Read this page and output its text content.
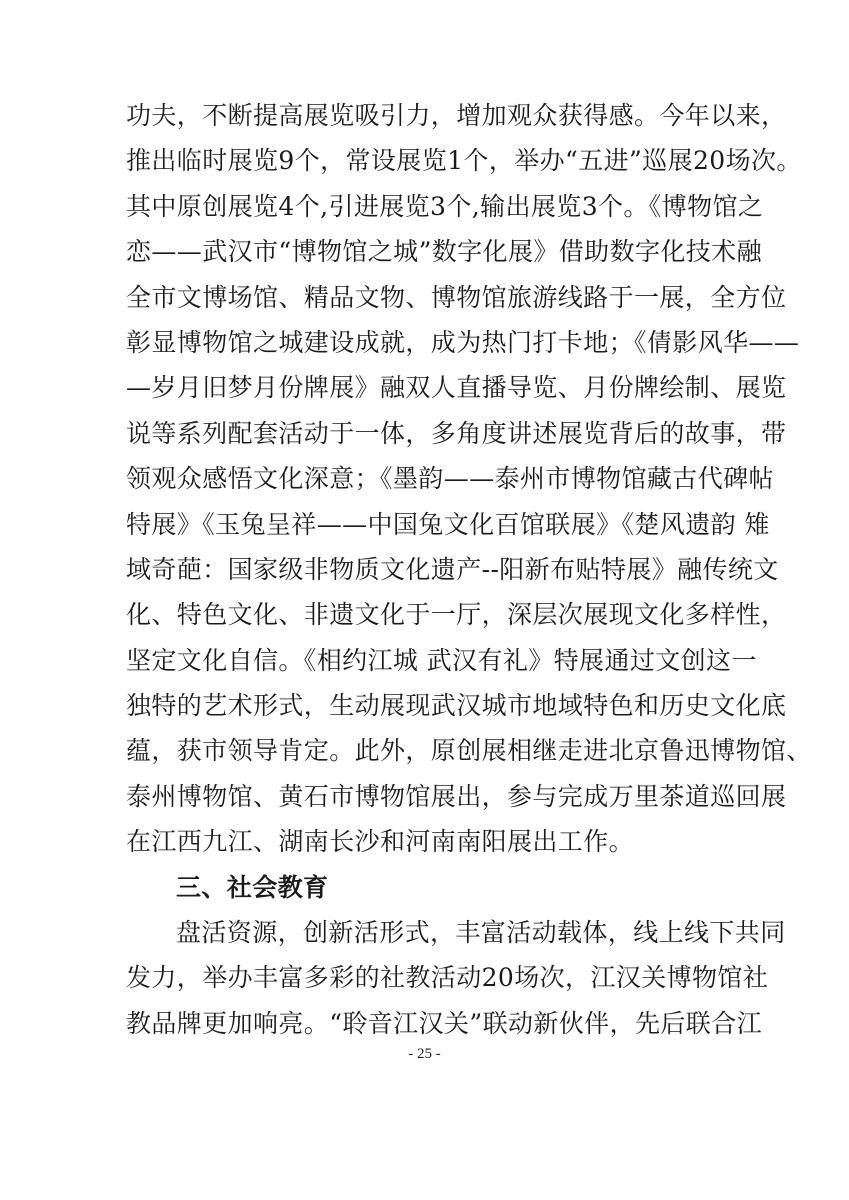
功夫，不断提高展览吸引力，增加观众获得感。今年以来，
推出临时展览9个，常设展览1个，举办“五进”巡展20场次。
其中原创展览4个,引进展览3个,输出展览3个。《博物馆之
恋——武汉市“博物馆之城”数字化展》借助数字化技术融
全市文博场馆、精品文物、博物馆旅游线路于一展，全方位
彰显博物馆之城建设成就，成为热门打卡地；《倩影风华——
—岁月旧梦月份牌展》融双人直播导览、月份牌绘制、展览
说等系列配套活动于一体，多角度讲述展览背后的故事，带
领观众感悟文化深意；《墨韵——泰州市博物馆藏古代碑帖
特展》《玉兔呈祥——中国兔文化百馆联展》《楚风遗韵 雉
域奇葩：国家级非物质文化遗产--阳新布贴特展》融传统文
化、特色文化、非遗文化于一厅，深层次展现文化多样性，
坚定文化自信。《相约江城 武汉有礼》特展通过文创这一
独特的艺术形式，生动展现武汉城市地域特色和历史文化底
蕴，获市领导肯定。此外，原创展相继走进北京鲁迅博物馆、
泰州博物馆、黄石市博物馆展出，参与完成万里茶道巡回展
在江西九江、湖南长沙和河南南阳展出工作。
三、社会教育
盘活资源，创新活形式，丰富活动载体，线上线下共同
发力，举办丰富多彩的社教活动20场次，江汉关博物馆社
教品牌更加响亮。“聆音江汉关”联动新伙伴，先后联合江
- 25 -
